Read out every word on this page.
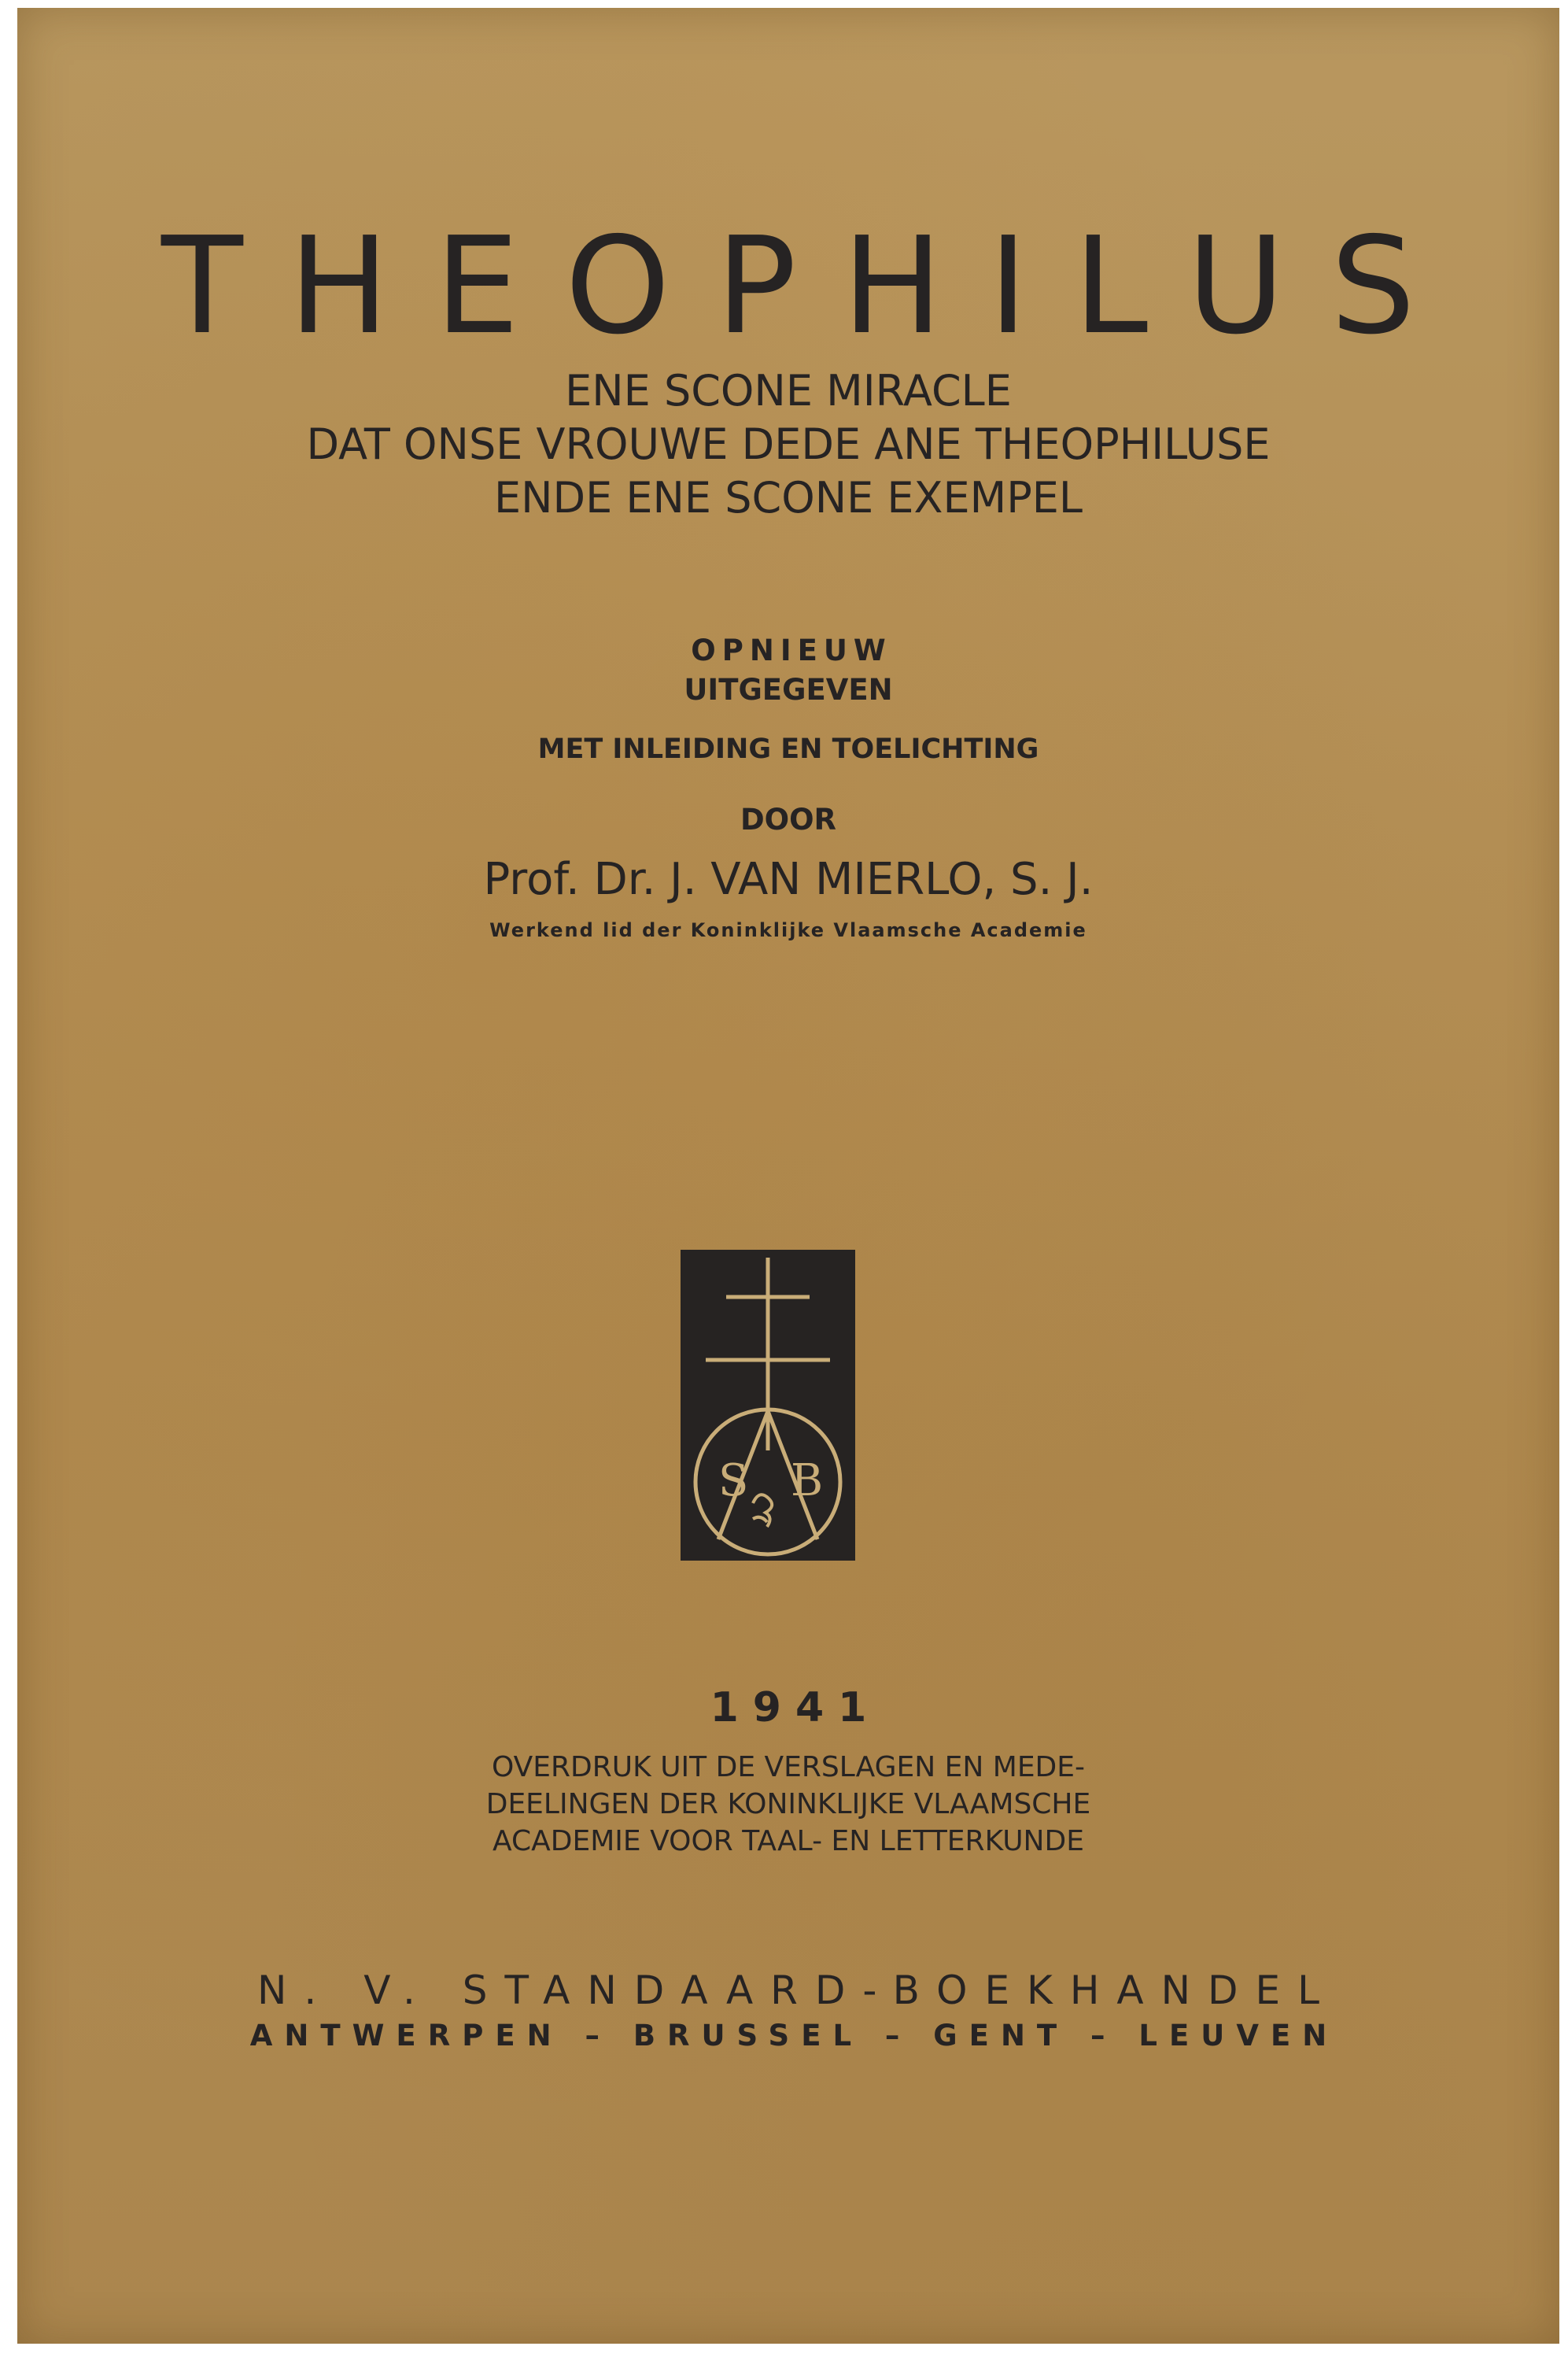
THEOPHILUS
ENE SCONE MIRACLE
DAT ONSE VROUWE DEDE ANE THEOPHILUSE
ENDE ENE SCONE EXEMPEL
OPNIEUW
UITGEGEVEN
MET INLEIDING EN TOELICHTING
DOOR
Prof. Dr. J. VAN MIERLO, S. J.
Werkend lid der Koninklijke Vlaamsche Academie
S B
1941
OVERDRUK UIT DE VERSLAGEN EN MEDE-
DEELINGEN DER KONINKLIJKE VLAAMSCHE
ACADEMIE VOOR TAAL- EN LETTERKUNDE
N. V. STANDAARD-BOEKHANDEL
ANTWERPEN – BRUSSEL – GENT – LEUVEN
